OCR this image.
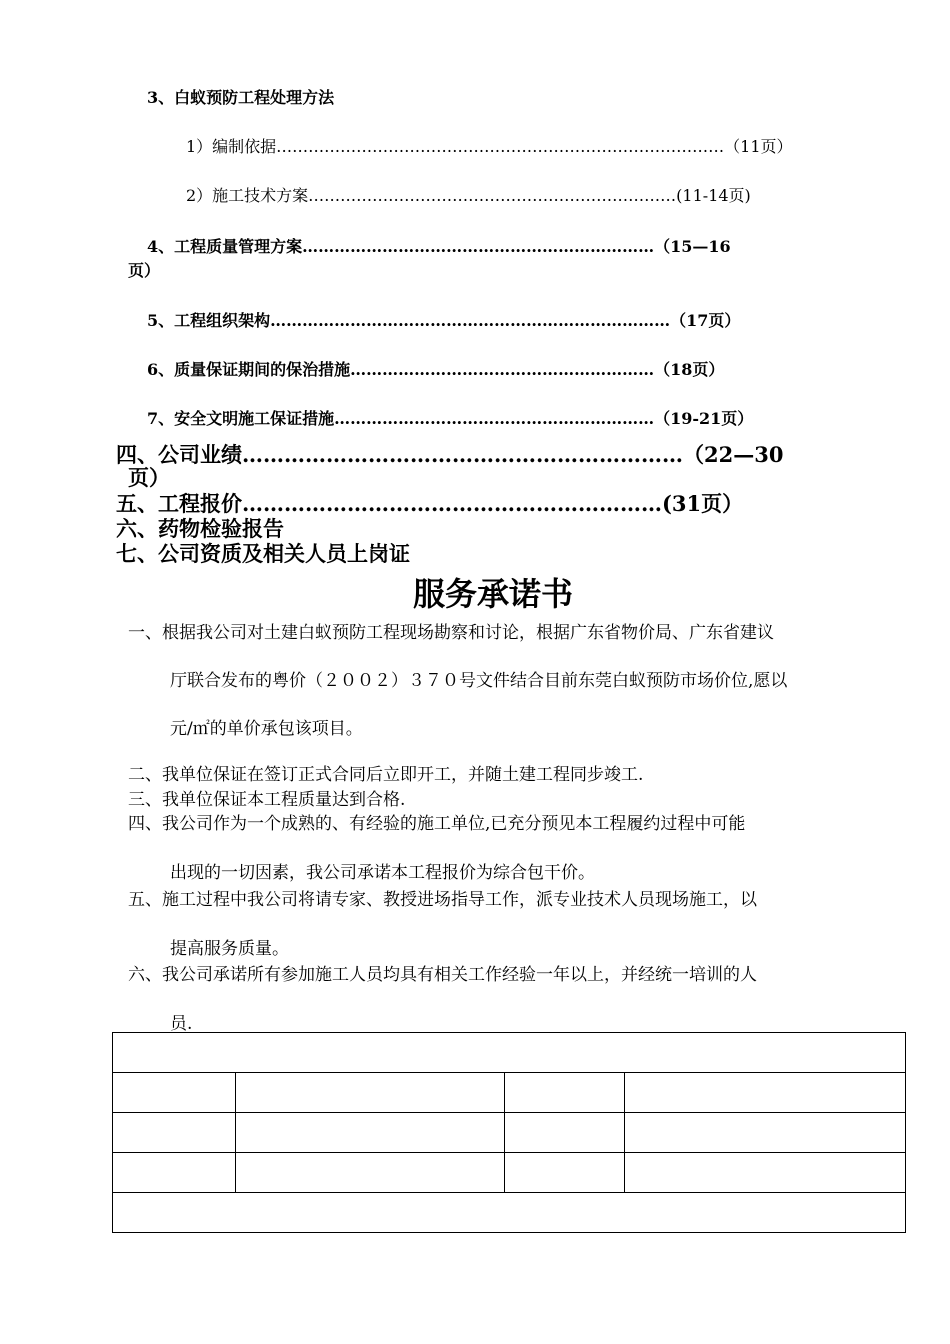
3、白蚁预防工程处理方法
1）编制依据…………………………………………………………………………（11页）
2）施工技术方案……………………………………………………………(11-14页)
4、工程质量管理方案…………………………………………………………（15—16
页）
5、工程组织架构…………………………………………………………………（17页）
6、质量保证期间的保治措施…………………………………………………（18页）
7、安全文明施工保证措施……………………………………………………（19-21页）
四、公司业绩………………………………………………………（22—30
页）
五、工程报价……………………………………………………(31页）
六、药物检验报告
七、公司资质及相关人员上岗证
服务承诺书
一、根据我公司对土建白蚁预防工程现场勘察和讨论，根据广东省物价局、广东省建议
厅联合发布的粤价（２００２）３７０号文件结合目前东莞白蚁预防市场价位,愿以
元/㎡的单价承包该项目。
二、我单位保证在签订正式合同后立即开工，并随土建工程同步竣工.
三、我单位保证本工程质量达到合格.
四、我公司作为一个成熟的、有经验的施工单位,已充分预见本工程履约过程中可能
出现的一切因素，我公司承诺本工程报价为综合包干价。
五、施工过程中我公司将请专家、教授进场指导工作，派专业技术人员现场施工，以
提高服务质量。
六、我公司承诺所有参加施工人员均具有相关工作经验一年以上，并经统一培训的人
员.
